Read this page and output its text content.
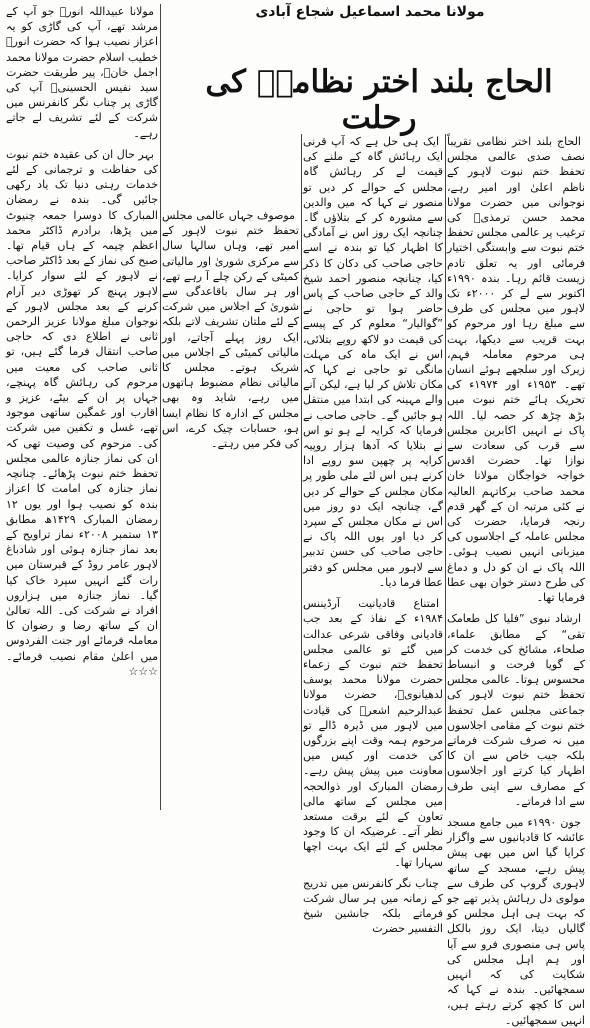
مولانا محمد اسماعیل شجاع آبادی
الحاج بلند اختر نظامیؒ کی رحلت

الحاج بلند اختر نظامی تقریباً نصف صدی عالمی مجلس تحفظ ختم نبوت لاہور کے ناظم اعلیٰ اور امیر رہے، نوجوانی میں حضرت مولانا محمد حسن ترمذیؒ کی ترغیب پر عالمی مجلس تحفظ ختم نبوت سے وابستگی اختیار فرمائی اور یہ تعلق تادم زیست قائم رہا۔ بندہ ۱۹۹۰ء اکتوبر سے لے کر ۲۰۰۰ء تک لاہور میں مجلس کی طرف سے مبلغ رہا اور مرحوم کو بہت قریب سے دیکھا، بہت ہی مرحوم معاملہ فہم، زیرک اور سلجھے ہوئے انسان تھے۔ ۱۹۵۳ء اور ۱۹۷۴ء کی تحریک ہائے ختم نبوت میں بڑھ چڑھ کر حصہ لیا۔ اللہ پاک نے انہیں اکابرین مجلس سے قرب کی سعادت سے نوازا تھا۔ حضرت اقدس خواجہ خواجگان مولانا خان محمد صاحب برکاتہم العالیہ نے کئی مرتبہ ان کے گھر قدم رنجہ فرمایا، حضرت کی مجلس عاملہ کے اجلاسوں کی میزبانی انہیں نصیب ہوئی۔ اللہ پاک نے ان کو دل و دماغ کی طرح دستر خوان بھی عطا فرمایا تھا۔

ارشاد نبوی ”فلیا کل طعامک تقی“ کے مطابق علماء، صلحاء، مشائخ کی خدمت کر کے گویا فرحت و انبساط محسوس ہوتا۔ عالمی مجلس تحفظ ختم نبوت لاہور کی جماعتی مجلس عمل تحفظ ختم نبوت کے مقامی اجلاسوں میں نہ صرف شرکت فرماتے بلکہ جیب خاص سے ان کا اظہار کیا کرتے اور اجلاسوں کے مصارف سے اپنی طرف سے ادا فرماتے۔

جون ۱۹۹۰ء میں جامع مسجد عائشہ کا قادیانیوں سے واگزار کرایا گیا اس میں بھی پیش پیش رہے، مسجد کے ساتھ لاہوری گروپ کی طرف سے مولوی دل رہائش پذیر تھے جو کہ بہت ہی اہل مجلس کو گالیاں دیتا، ایک روز بالکل پاس ہی منصوری فرو سے آیا اور ہم اہل مجلس کی شکایت کی کہ انہیں سمجھائیں۔ بندہ نے کہا کہ اس کا کچھ کرتے رہتے ہیں، انہیں سمجھائیں۔

ایک ہی حل ہے کہ آپ قرنی ایک رہائش گاہ کے ملنے کی قیمت لے کر رہائش گاہ مجلس کے حوالے کر دیں تو منصور نے کہا کہ میں والدین سے مشورہ کر کے بتلاؤں گا۔ چنانچہ ایک روز اس نے آمادگی کا اظہار کیا تو بندہ نے اسے حاجی صاحب کی دکان کا ذکر کیا، چنانچہ منصور احمد شیخ والد کے حاجی صاحب کے پاس حاضر ہوا تو حاجی نے ”گوالیار“ معلوم کر کے پیسے کی قیمت دو لاکھ روپے بتلائی، اس نے ایک ماہ کی مہلت مانگی تو حاجی نے کہا کہ مکان تلاش کر لیا ہے، لیکن آنے والے مہینہ کی ابتدا میں منتقل ہو جائیں گے۔ حاجی صاحب نے فرمایا کہ کرایہ لے ہو تو اس نے بتلایا کہ آدھا ہزار روپیہ کرایہ پر چھپن سو روپے ادا کرنے ہیں اس لئے ملی طور پر مکان مجلس کے حوالے کر دیں گے، چنانچہ ایک دو روز میں اس نے مکان مجلس کے سپرد کر دیا اور یوں اللہ پاک نے حاجی صاحب کی حسن تدبیر سے لاہور میں مجلس کو دفتر عطا فرما دیا۔

امتناع قادیانیت آرڈیننس ۱۹۸۴ء کے نفاذ کے بعد جب قادیانی وفاقی شرعی عدالت میں گئے تو عالمی مجلس تحفظ ختم نبوت کے زعماء حضرت مولانا محمد یوسف لدھیانویؒ، حضرت مولانا عبدالرحیم اشعرؒ کی قیادت میں لاہور میں ڈیرہ ڈالے تو مرحوم ہمہ وقت اپنے بزرگوں کی خدمت اور کیس میں معاونت میں پیش پیش رہے۔ رمضان المبارک اور ذوالحجہ میں مجلس کے ساتھ مالی تعاون کے لئے برقت مستعد نظر آتے۔ غرضیکہ ان کا وجود مجلس کے لئے ایک بہت اچھا سہارا تھا۔

چناب نگر کانفرنس میں تدریج کے زمانہ میں ہر سال شرکت فرماتے بلکہ جانشین شیخ التفسیر حضرت

موصوف جہاں عالمی مجلس تحفظ ختم نبوت لاہور کے امیر تھے، وہاں سالہا سال سے مرکزی شوریٰ اور مالیاتی کمیٹی کے رکن چلے آ رہے تھے، اور ہر سال باقاعدگی سے شوریٰ کے اجلاس میں شرکت کے لئے ملتان تشریف لاتے بلکہ ایک روز پہلے آجاتے، اور مالیاتی کمیٹی کے اجلاس میں شریک ہوتے۔ مجلس کا مالیاتی نظام مضبوط ہاتھوں میں رہے، شاید وہ بھی مجلس کے ادارہ کا نظام ایسا ہو، حسابات چیک کرے، اس کی فکر میں رہتے۔

مولانا عبیداللہ انورؒ جو آپ کے مرشد تھے، آپ کی گاڑی کو یہ اعزاز نصیب ہوا کہ حضرت انورؒ خطیب اسلام حضرت مولانا محمد اجمل خانؒ، پیر طریقت حضرت سید نفیس الحسینیؒ آپ کی گاڑی پر چناب نگر کانفرنس میں شرکت کے لئے تشریف لے جاتے رہے۔

بہر حال ان کی عقیدہ ختم نبوت کی حفاظت و ترجمانی کے لئے خدمات رہتی دنیا تک یاد رکھی جائیں گی۔ بندہ نے رمضان المبارک کا دوسرا جمعہ چنیوٹ میں پڑھا، برادرم ڈاکٹر محمد اعظم چیمہ کے ہاں قیام تھا۔ صبح کی نماز کے بعد ڈاکٹر صاحب نے لاہور کے لئے سوار کرایا۔ لاہور پہنچ کر تھوڑی دیر آرام کرنے کے بعد مجلس لاہور کے نوجوان مبلغ مولانا عزیز الرحمن ثانی نے اطلاع دی کہ حاجی صاحب انتقال فرما گئے ہیں، تو ثانی صاحب کی معیت میں مرحوم کی رہائش گاہ پہنچے، جہاں پر ان کے بیٹے، عزیز و اقارب اور غمگین ساتھی موجود تھے، غسل و تکفین میں شرکت کی۔ مرحوم کی وصیت تھی کہ ان کی نماز جنازہ عالمی مجلس تحفظ ختم نبوت پڑھائے۔ چنانچہ نماز جنازہ کی امامت کا اعزاز بندہ کو نصیب ہوا اور یوں ۱۲ رمضان المبارک ۱۴۲۹ھ مطابق ۱۳ ستمبر ۲۰۰۸ء نماز تراویح کے بعد نماز جنازہ ہوئی اور شادباغ لاہور عامر روڈ کے قبرستان میں رات گئے انہیں سپرد خاک کیا گیا۔ نماز جنازہ میں ہزاروں افراد نے شرکت کی۔ اللہ تعالیٰ ان کے ساتھ رضا و رضوان کا معاملہ فرمائے اور جنت الفردوس میں اعلیٰ مقام نصیب فرمائے۔ ☆☆☆
